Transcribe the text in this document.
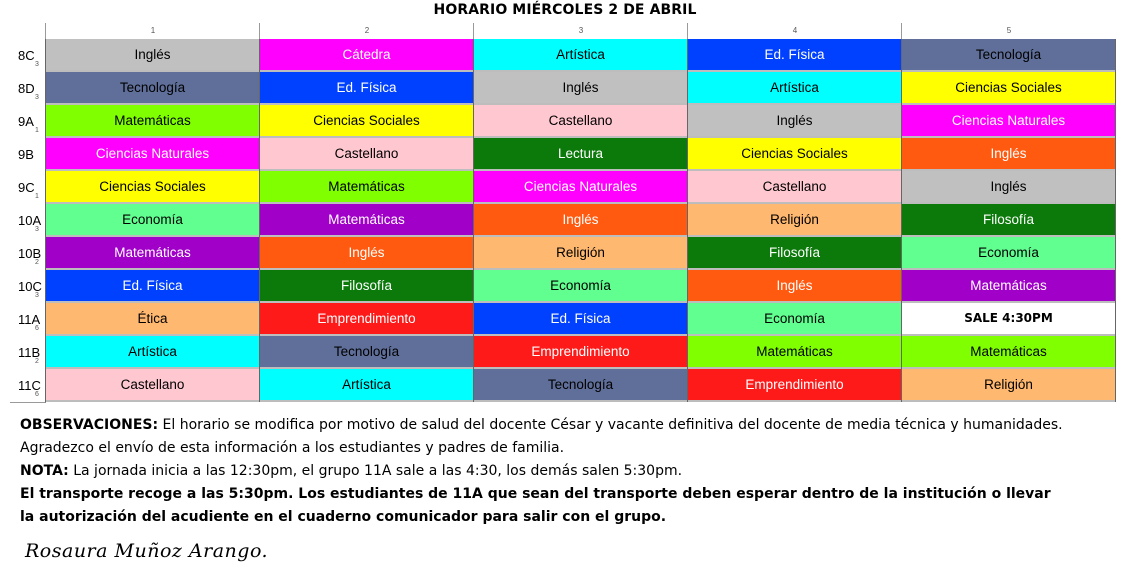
HORARIO MIÉRCOLES 2 DE ABRIL
1	2	3	4	5
8C
3
Inglés	Cátedra	Artística	Ed. Física	Tecnología
8D
3
Tecnología	Ed. Física	Inglés	Artística	Ciencias Sociales
9A
1
Matemáticas	Ciencias Sociales	Castellano	Inglés	Ciencias Naturales
9B	Ciencias Naturales	Castellano	Lectura	Ciencias Sociales	Inglés
9C
1
Ciencias Sociales	Matemáticas	Ciencias Naturales	Castellano	Inglés
10A
3
Economía	Matemáticas	Inglés	Religión	Filosofía
10B
2
Matemáticas	Inglés	Religión	Filosofía	Economía
10C
3
Ed. Física	Filosofía	Economía	Inglés	Matemáticas
11A
6
Ética	Emprendimiento	Ed. Física	Economía	SALE 4:30PM
11B
2
Artística	Tecnología	Emprendimiento	Matemáticas	Matemáticas
11C
6
Castellano	Artística	Tecnología	Emprendimiento	Religión
OBSERVACIONES: El horario se modifica por motivo de salud del docente César y vacante definitiva del docente de media técnica y humanidades.
Agradezco el envío de esta información a los estudiantes y padres de familia.
NOTA: La jornada inicia a las 12:30pm, el grupo 11A sale a las 4:30, los demás salen 5:30pm.
El transporte recoge a las 5:30pm. Los estudiantes de 11A que sean del transporte deben esperar dentro de la institución o llevar
la autorización del acudiente en el cuaderno comunicador para salir con el grupo.
Rosaura Muñoz Arango.
